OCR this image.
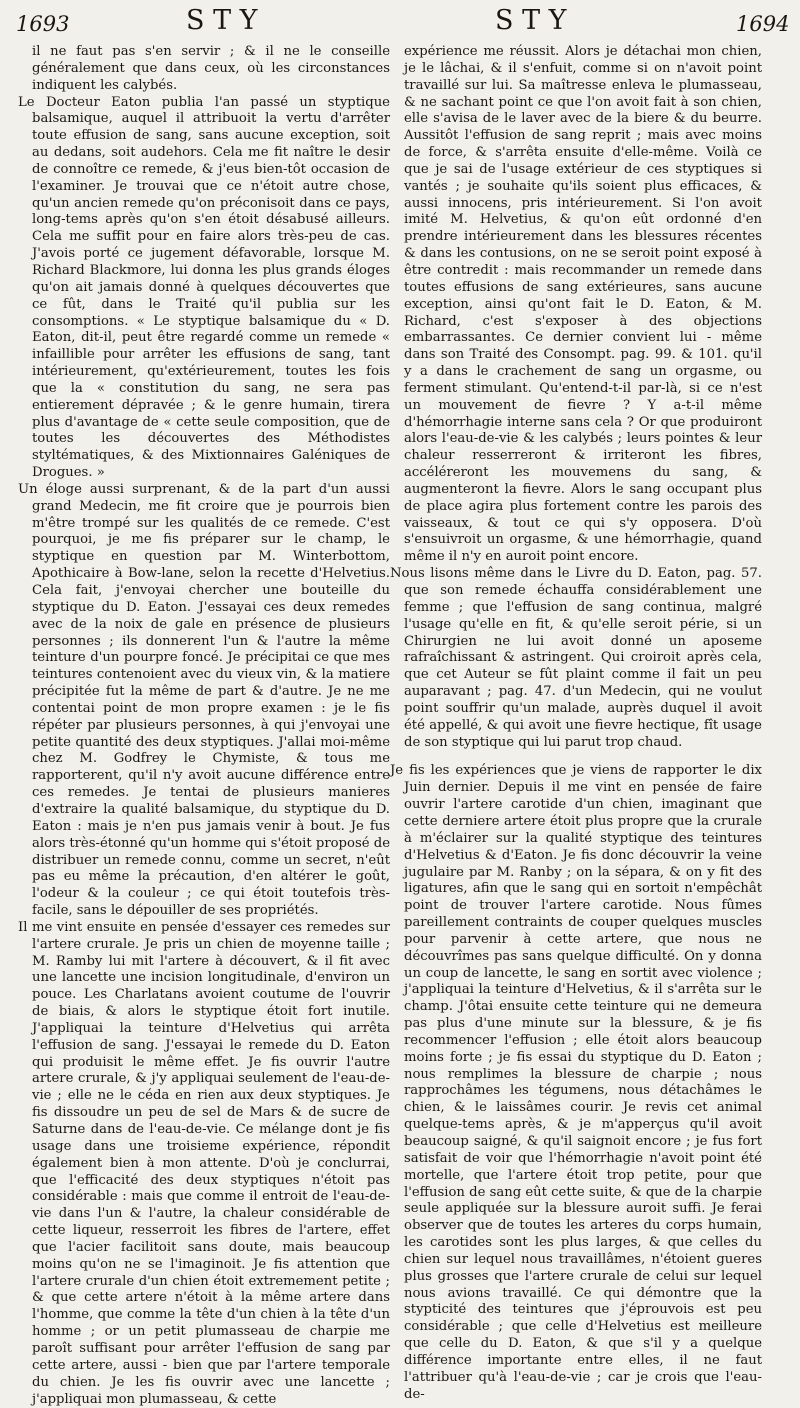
1693	S T Y	S T Y	1694

il ne faut pas s'en servir ; & il ne le conseille généralement que dans ceux, où les circonstances indiquent les calybés.

Le Docteur Eaton publia l'an passé un styptique balsamique, auquel il attribuoit la vertu d'arrêter toute effusion de sang, sans aucune exception, soit au dedans, soit audehors. Cela me fit naître le desir de connoître ce remede, & j'eus bien-tôt occasion de l'examiner. Je trouvai que ce n'étoit autre chose, qu'un ancien remede qu'on préconisoit dans ce pays, long-tems après qu'on s'en étoit désabusé ailleurs. Cela me suffit pour en faire alors très-peu de cas. J'avois porté ce jugement défavorable, lorsque M. Richard Blackmore, lui donna les plus grands éloges qu'on ait jamais donné à quelques découvertes que ce fût, dans le Traité qu'il publia sur les consomptions. « Le styptique balsamique du « D. Eaton, dit-il, peut être regardé comme un remede « infaillible pour arrêter les effusions de sang, tant intérieurement, qu'extérieurement, toutes les fois que la « constitution du sang, ne sera pas entierement dépravée ; & le genre humain, tirera plus d'avantage de « cette seule composition, que de toutes les découvertes des Méthodistes styltématiques, & des Mixtionnaires Galéniques de Drogues. »

Un éloge aussi surprenant, & de la part d'un aussi grand Medecin, me fit croire que je pourrois bien m'être trompé sur les qualités de ce remede. C'est pourquoi, je me fis préparer sur le champ, le styptique en question par M. Winterbottom, Apothicaire à Bow-lane, selon la recette d'Helvetius. Cela fait, j'envoyai chercher une bouteille du styptique du D. Eaton. J'essayai ces deux remedes avec de la noix de gale en présence de plusieurs personnes ; ils donnerent l'un & l'autre la même teinture d'un pourpre foncé. Je précipitai ce que mes teintures contenoient avec du vieux vin, & la matiere précipitée fut la même de part & d'autre. Je ne me contentai point de mon propre examen : je le fis répéter par plusieurs personnes, à qui j'envoyai une petite quantité des deux styptiques. J'allai moi-même chez M. Godfrey le Chymiste, & tous me rapporterent, qu'il n'y avoit aucune différence entre ces remedes. Je tentai de plusieurs manieres d'extraire la qualité balsamique, du styptique du D. Eaton : mais je n'en pus jamais venir à bout. Je fus alors très-étonné qu'un homme qui s'étoit proposé de distribuer un remede connu, comme un secret, n'eût pas eu même la précaution, d'en altérer le goût, l'odeur & la couleur ; ce qui étoit toutefois très-facile, sans le dépouiller de ses propriétés.

Il me vint ensuite en pensée d'essayer ces remedes sur l'artere crurale. Je pris un chien de moyenne taille ; M. Ramby lui mit l'artere à découvert, & il fit avec une lancette une incision longitudinale, d'environ un pouce. Les Charlatans avoient coutume de l'ouvrir de biais, & alors le styptique étoit fort inutile. J'appliquai la teinture d'Helvetius qui arrêta l'effusion de sang. J'essayai le remede du D. Eaton qui produisit le même effet. Je fis ouvrir l'autre artere crurale, & j'y appliquai seulement de l'eau-de-vie ; elle ne le céda en rien aux deux styptiques. Je fis dissoudre un peu de sel de Mars & de sucre de Saturne dans de l'eau-de-vie. Ce mélange dont je fis usage dans une troisieme expérience, répondit également bien à mon attente. D'où je conclurrai, que l'efficacité des deux styptiques n'étoit pas considérable : mais que comme il entroit de l'eau-de-vie dans l'un & l'autre, la chaleur considérable de cette liqueur, resserroit les fibres de l'artere, effet que l'acier facilitoit sans doute, mais beaucoup moins qu'on ne se l'imaginoit. Je fis attention que l'artere crurale d'un chien étoit extremement petite ; & que cette artere n'étoit à la même artere dans l'homme, que comme la tête d'un chien à la tête d'un homme ; or un petit plumasseau de charpie me paroît suffisant pour arrêter l'effusion de sang par cette artere, aussi - bien que par l'artere temporale du chien. Je les fis ouvrir avec une lancette ; j'appliquai mon plumasseau, & cette

expérience me réussit. Alors je détachai mon chien, je le lâchai, & il s'enfuit, comme si on n'avoit point travaillé sur lui. Sa maîtresse enleva le plumasseau, & ne sachant point ce que l'on avoit fait à son chien, elle s'avisa de le laver avec de la biere & du beurre. Aussitôt l'effusion de sang reprit ; mais avec moins de force, & s'arrêta ensuite d'elle-même. Voilà ce que je sai de l'usage extérieur de ces styptiques si vantés ; je souhaite qu'ils soient plus efficaces, & aussi innocens, pris intérieurement. Si l'on avoit imité M. Helvetius, & qu'on eût ordonné d'en prendre intérieurement dans les blessures récentes & dans les contusions, on ne se seroit point exposé à être contredit : mais recommander un remede dans toutes effusions de sang extérieures, sans aucune exception, ainsi qu'ont fait le D. Eaton, & M. Richard, c'est s'exposer à des objections embarrassantes. Ce dernier convient lui - même dans son Traité des Consompt. pag. 99. & 101. qu'il y a dans le crachement de sang un orgasme, ou ferment stimulant. Qu'entend-t-il par-là, si ce n'est un mouvement de fievre ? Y a-t-il même d'hémorrhagie interne sans cela ? Or que produiront alors l'eau-de-vie & les calybés ; leurs pointes & leur chaleur resserreront & irriteront les fibres, accéléreront les mouvemens du sang, & augmenteront la fievre. Alors le sang occupant plus de place agira plus fortement contre les parois des vaisseaux, & tout ce qui s'y opposera. D'où s'ensuivroit un orgasme, & une hémorrhagie, quand même il n'y en auroit point encore.

Nous lisons même dans le Livre du D. Eaton, pag. 57. que son remede échauffa considérablement une femme ; que l'effusion de sang continua, malgré l'usage qu'elle en fit, & qu'elle seroit périe, si un Chirurgien ne lui avoit donné un aposeme rafraîchissant & astringent. Qui croiroit après cela, que cet Auteur se fût plaint comme il fait un peu auparavant ; pag. 47. d'un Medecin, qui ne voulut point souffrir qu'un malade, auprès duquel il avoit été appellé, & qui avoit une fievre hectique, fît usage de son styptique qui lui parut trop chaud.

Je fis les expériences que je viens de rapporter le dix Juin dernier. Depuis il me vint en pensée de faire ouvrir l'artere carotide d'un chien, imaginant que cette derniere artere étoit plus propre que la crurale à m'éclairer sur la qualité styptique des teintures d'Helvetius & d'Eaton. Je fis donc découvrir la veine jugulaire par M. Ranby ; on la sépara, & on y fit des ligatures, afin que le sang qui en sortoit n'empêchât point de trouver l'artere carotide. Nous fûmes pareillement contraints de couper quelques muscles pour parvenir à cette artere, que nous ne découvrîmes pas sans quelque difficulté. On y donna un coup de lancette, le sang en sortit avec violence ; j'appliquai la teinture d'Helvetius, & il s'arrêta sur le champ. J'ôtai ensuite cette teinture qui ne demeura pas plus d'une minute sur la blessure, & je fis recommencer l'effusion ; elle étoit alors beaucoup moins forte ; je fis essai du styptique du D. Eaton ; nous remplimes la blessure de charpie ; nous rapprochâmes les tégumens, nous détachâmes le chien, & le laissâmes courir. Je revis cet animal quelque-tems après, & je m'apperçus qu'il avoit beaucoup saigné, & qu'il saignoit encore ; je fus fort satisfait de voir que l'hémorrhagie n'avoit point été mortelle, que l'artere étoit trop petite, pour que l'effusion de sang eût cette suite, & que de la charpie seule appliquée sur la blessure auroit suffi. Je ferai observer que de toutes les arteres du corps humain, les carotides sont les plus larges, & que celles du chien sur lequel nous travaillâmes, n'étoient gueres plus grosses que l'artere crurale de celui sur lequel nous avions travaillé. Ce qui démontre que la stypticité des teintures que j'éprouvois est peu considérable ; que celle d'Helvetius est meilleure que celle du D. Eaton, & que s'il y a quelque différence importante entre elles, il ne faut l'attribuer qu'à l'eau-de-vie ; car je crois que l'eau-de-
